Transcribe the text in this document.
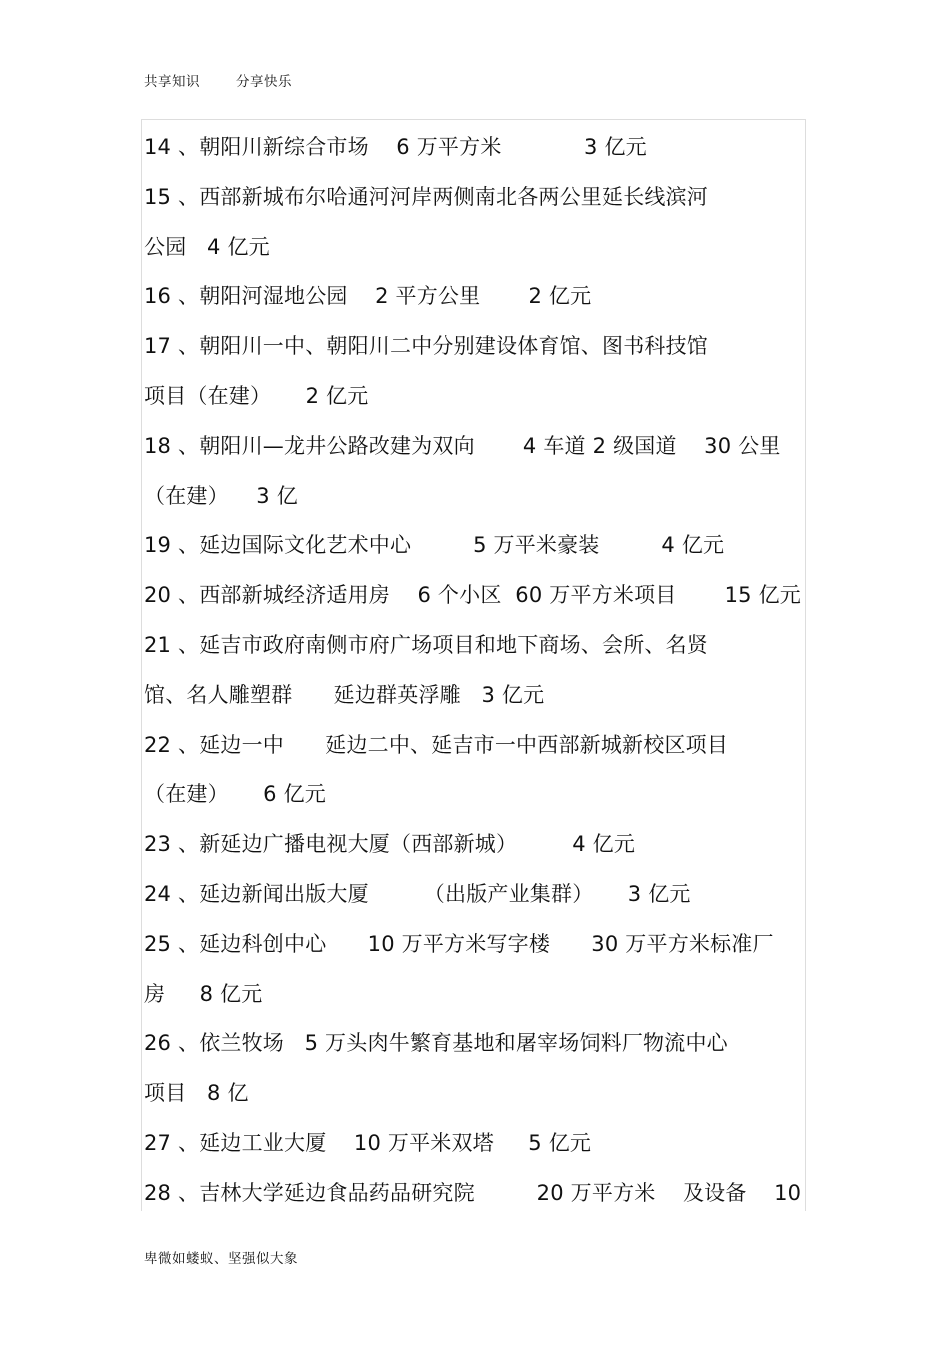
共享知识	分享快乐
14 、朝阳川新综合市场    6 万平方米            3 亿元
15 、西部新城布尔哈通河河岸两侧南北各两公里延长线滨河
公园   4 亿元
16 、朝阳河湿地公园    2 平方公里       2 亿元
17 、朝阳川一中、朝阳川二中分别建设体育馆、图书科技馆
项目（在建）     2 亿元
18 、朝阳川—龙井公路改建为双向       4 车道 2 级国道    30 公里
（在建）    3 亿
19 、延边国际文化艺术中心         5 万平米豪装         4 亿元
20 、西部新城经济适用房    6 个小区  60 万平方米项目       15 亿元
21 、延吉市政府南侧市府广场项目和地下商场、会所、名贤
馆、名人雕塑群      延边群英浮雕   3 亿元
22 、延边一中      延边二中、延吉市一中西部新城新校区项目
（在建）     6 亿元
23 、新延边广播电视大厦（西部新城）        4 亿元
24 、延边新闻出版大厦        （出版产业集群）     3 亿元
25 、延边科创中心      10 万平方米写字楼      30 万平方米标准厂
房     8 亿元
26 、依兰牧场   5 万头肉牛繁育基地和屠宰场饲料厂物流中心
项目   8 亿
27 、延边工业大厦    10 万平米双塔     5 亿元
28 、吉林大学延边食品药品研究院         20 万平方米    及设备    10
卑微如蝼蚁、坚强似大象
